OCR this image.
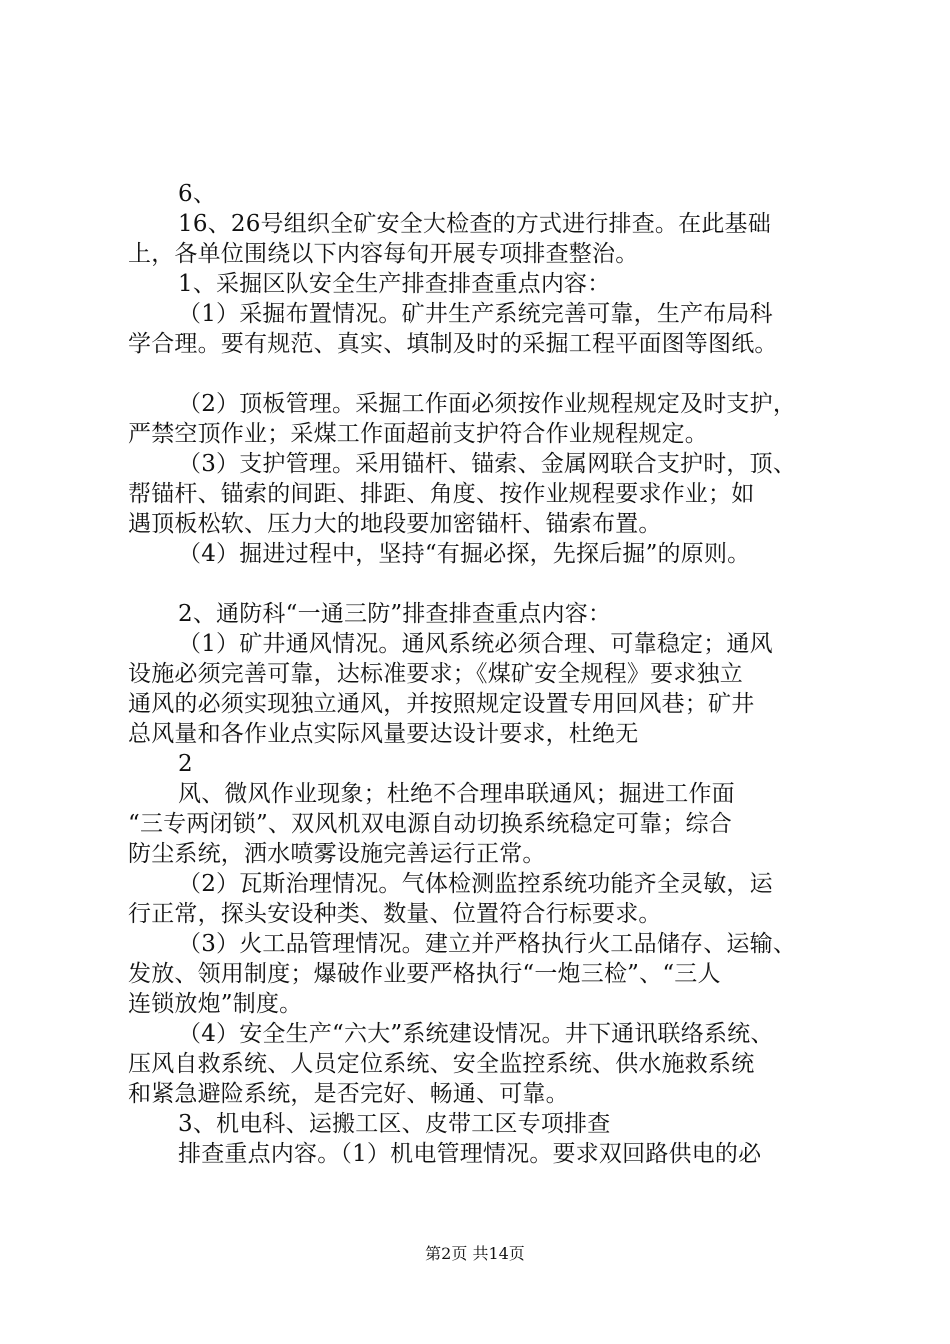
6、
16、26号组织全矿安全大检查的方式进行排查。在此基础
上，各单位围绕以下内容每旬开展专项排查整治。
1、采掘区队安全生产排查排查重点内容：
（1）采掘布置情况。矿井生产系统完善可靠，生产布局科
学合理。要有规范、真实、填制及时的采掘工程平面图等图纸。
（2）顶板管理。采掘工作面必须按作业规程规定及时支护，
严禁空顶作业；采煤工作面超前支护符合作业规程规定。
（3）支护管理。采用锚杆、锚索、金属网联合支护时，顶、
帮锚杆、锚索的间距、排距、角度、按作业规程要求作业；如
遇顶板松软、压力大的地段要加密锚杆、锚索布置。
（4）掘进过程中，坚持“有掘必探，先探后掘”的原则。
2、通防科“一通三防”排查排查重点内容：
（1）矿井通风情况。通风系统必须合理、可靠稳定；通风
设施必须完善可靠，达标准要求；《煤矿安全规程》要求独立
通风的必须实现独立通风，并按照规定设置专用回风巷；矿井
总风量和各作业点实际风量要达设计要求，杜绝无
2
风、微风作业现象；杜绝不合理串联通风；掘进工作面
“三专两闭锁”、双风机双电源自动切换系统稳定可靠；综合
防尘系统，洒水喷雾设施完善运行正常。
（2）瓦斯治理情况。气体检测监控系统功能齐全灵敏，运
行正常，探头安设种类、数量、位置符合行标要求。
（3）火工品管理情况。建立并严格执行火工品储存、运输、
发放、领用制度；爆破作业要严格执行“一炮三检”、“三人
连锁放炮”制度。
（4）安全生产“六大”系统建设情况。井下通讯联络系统、
压风自救系统、人员定位系统、安全监控系统、供水施救系统
和紧急避险系统，是否完好、畅通、可靠。
3、机电科、运搬工区、皮带工区专项排查
排查重点内容。（1）机电管理情况。要求双回路供电的必
第2页 共14页
